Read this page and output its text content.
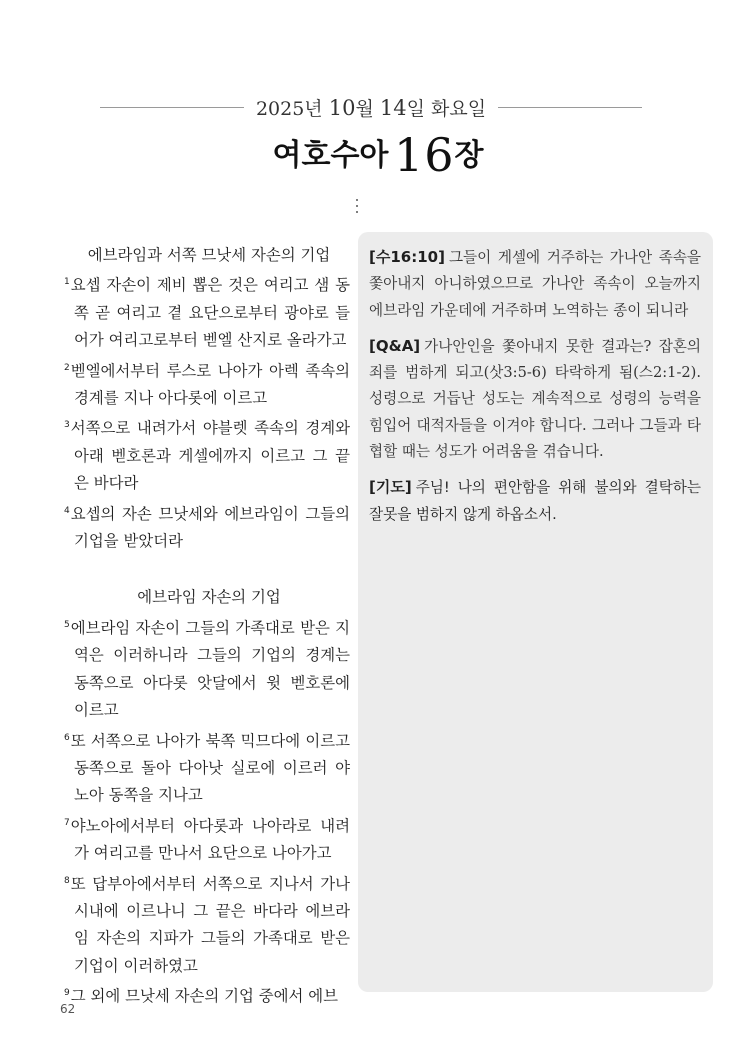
2025년 10월 14일 화요일
여호수아 16장
에브라임과 서쪽 므낫세 자손의 기업
$^1$요셉 자손이 제비 뽑은 것은 여리고 샘 동쪽 곧 여리고 곁 요단으로부터 광야로 들어가 여리고로부터 벧엘 산지로 올라가고
$^2$벧엘에서부터 루스로 나아가 아렉 족속의 경계를 지나 아다롯에 이르고
$^3$서쪽으로 내려가서 야블렛 족속의 경계와 아래 벧호론과 게셀에까지 이르고 그 끝은 바다라
$^4$요셉의 자손 므낫세와 에브라임이 그들의 기업을 받았더라
에브라임 자손의 기업
$^5$에브라임 자손이 그들의 가족대로 받은 지역은 이러하니라 그들의 기업의 경계는 동쪽으로 아다롯 앗달에서 윗 벧호론에 이르고
$^6$또 서쪽으로 나아가 북쪽 믹므다에 이르고 동쪽으로 돌아 다아낫 실로에 이르러 야노아 동쪽을 지나고
$^7$야노아에서부터 아다롯과 나아라로 내려가 여리고를 만나서 요단으로 나아가고
$^8$또 답부아에서부터 서쪽으로 지나서 가나 시내에 이르나니 그 끝은 바다라 에브라임 자손의 지파가 그들의 가족대로 받은 기업이 이러하였고
$^9$그 외에 므낫세 자손의 기업 중에서 에브

[수16:10] 그들이 게셀에 거주하는 가나안 족속을 쫓아내지 아니하였으므로 가나안 족속이 오늘까지 에브라임 가운데에 거주하며 노역하는 종이 되니라

[Q&A] 가나안인을 쫓아내지 못한 결과는? 잡혼의 죄를 범하게 되고(삿3:5-6) 타락하게 됨(스2:1-2). 성령으로 거듭난 성도는 계속적으로 성령의 능력을 힘입어 대적자들을 이겨야 합니다. 그러나 그들과 타협할 때는 성도가 어려움을 겪습니다.

[기도] 주님! 나의 편안함을 위해 불의와 결탁하는 잘못을 범하지 않게 하옵소서.

62
